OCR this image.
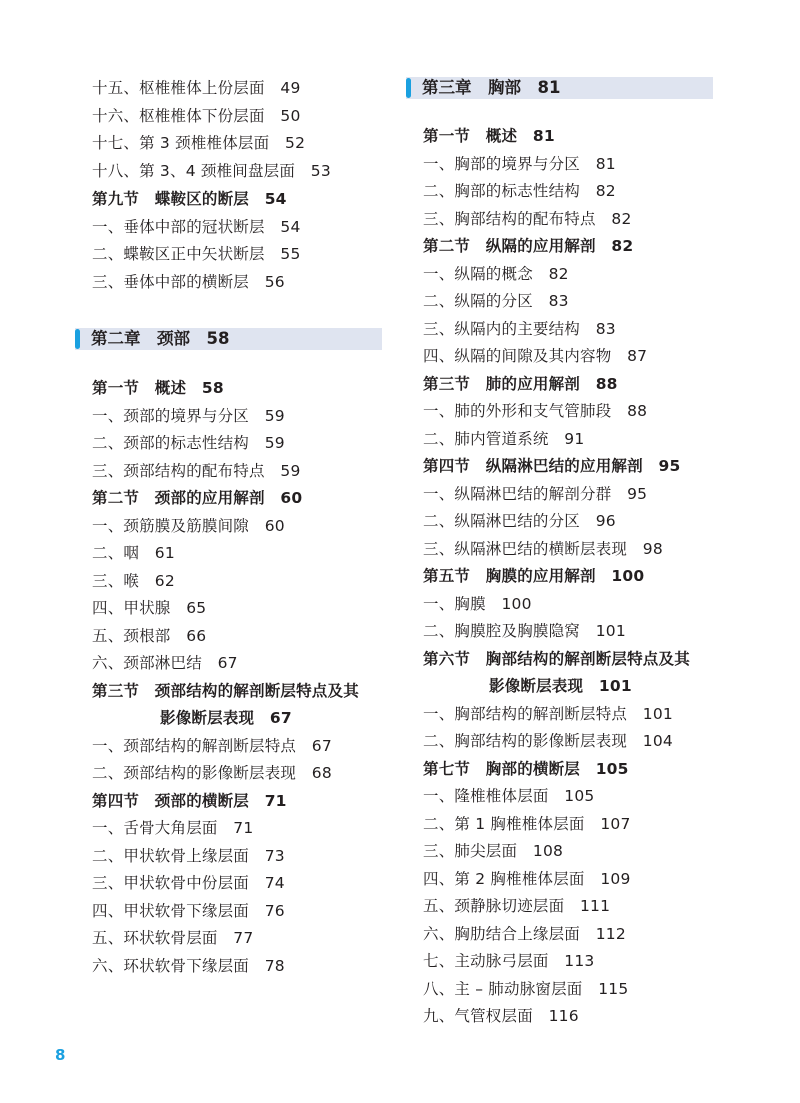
十五、枢椎椎体上份层面　49
十六、枢椎椎体下份层面　50
十七、第 3 颈椎椎体层面　52
十八、第 3、4 颈椎间盘层面　53
第九节　蝶鞍区的断层　54
一、垂体中部的冠状断层　54
二、蝶鞍区正中矢状断层　55
三、垂体中部的横断层　56
第二章　颈部　58
第一节　概述　58
一、颈部的境界与分区　59
二、颈部的标志性结构　59
三、颈部结构的配布特点　59
第二节　颈部的应用解剖　60
一、颈筋膜及筋膜间隙　60
二、咽　61
三、喉　62
四、甲状腺　65
五、颈根部　66
六、颈部淋巴结　67
第三节　颈部结构的解剖断层特点及其
影像断层表现　67
一、颈部结构的解剖断层特点　67
二、颈部结构的影像断层表现　68
第四节　颈部的横断层　71
一、舌骨大角层面　71
二、甲状软骨上缘层面　73
三、甲状软骨中份层面　74
四、甲状软骨下缘层面　76
五、环状软骨层面　77
六、环状软骨下缘层面　78
第三章　胸部　81
第一节　概述　81
一、胸部的境界与分区　81
二、胸部的标志性结构　82
三、胸部结构的配布特点　82
第二节　纵隔的应用解剖　82
一、纵隔的概念　82
二、纵隔的分区　83
三、纵隔内的主要结构　83
四、纵隔的间隙及其内容物　87
第三节　肺的应用解剖　88
一、肺的外形和支气管肺段　88
二、肺内管道系统　91
第四节　纵隔淋巴结的应用解剖　95
一、纵隔淋巴结的解剖分群　95
二、纵隔淋巴结的分区　96
三、纵隔淋巴结的横断层表现　98
第五节　胸膜的应用解剖　100
一、胸膜　100
二、胸膜腔及胸膜隐窝　101
第六节　胸部结构的解剖断层特点及其
影像断层表现　101
一、胸部结构的解剖断层特点　101
二、胸部结构的影像断层表现　104
第七节　胸部的横断层　105
一、隆椎椎体层面　105
二、第 1 胸椎椎体层面　107
三、肺尖层面　108
四、第 2 胸椎椎体层面　109
五、颈静脉切迹层面　111
六、胸肋结合上缘层面　112
七、主动脉弓层面　113
八、主 – 肺动脉窗层面　115
九、气管杈层面　116
8
